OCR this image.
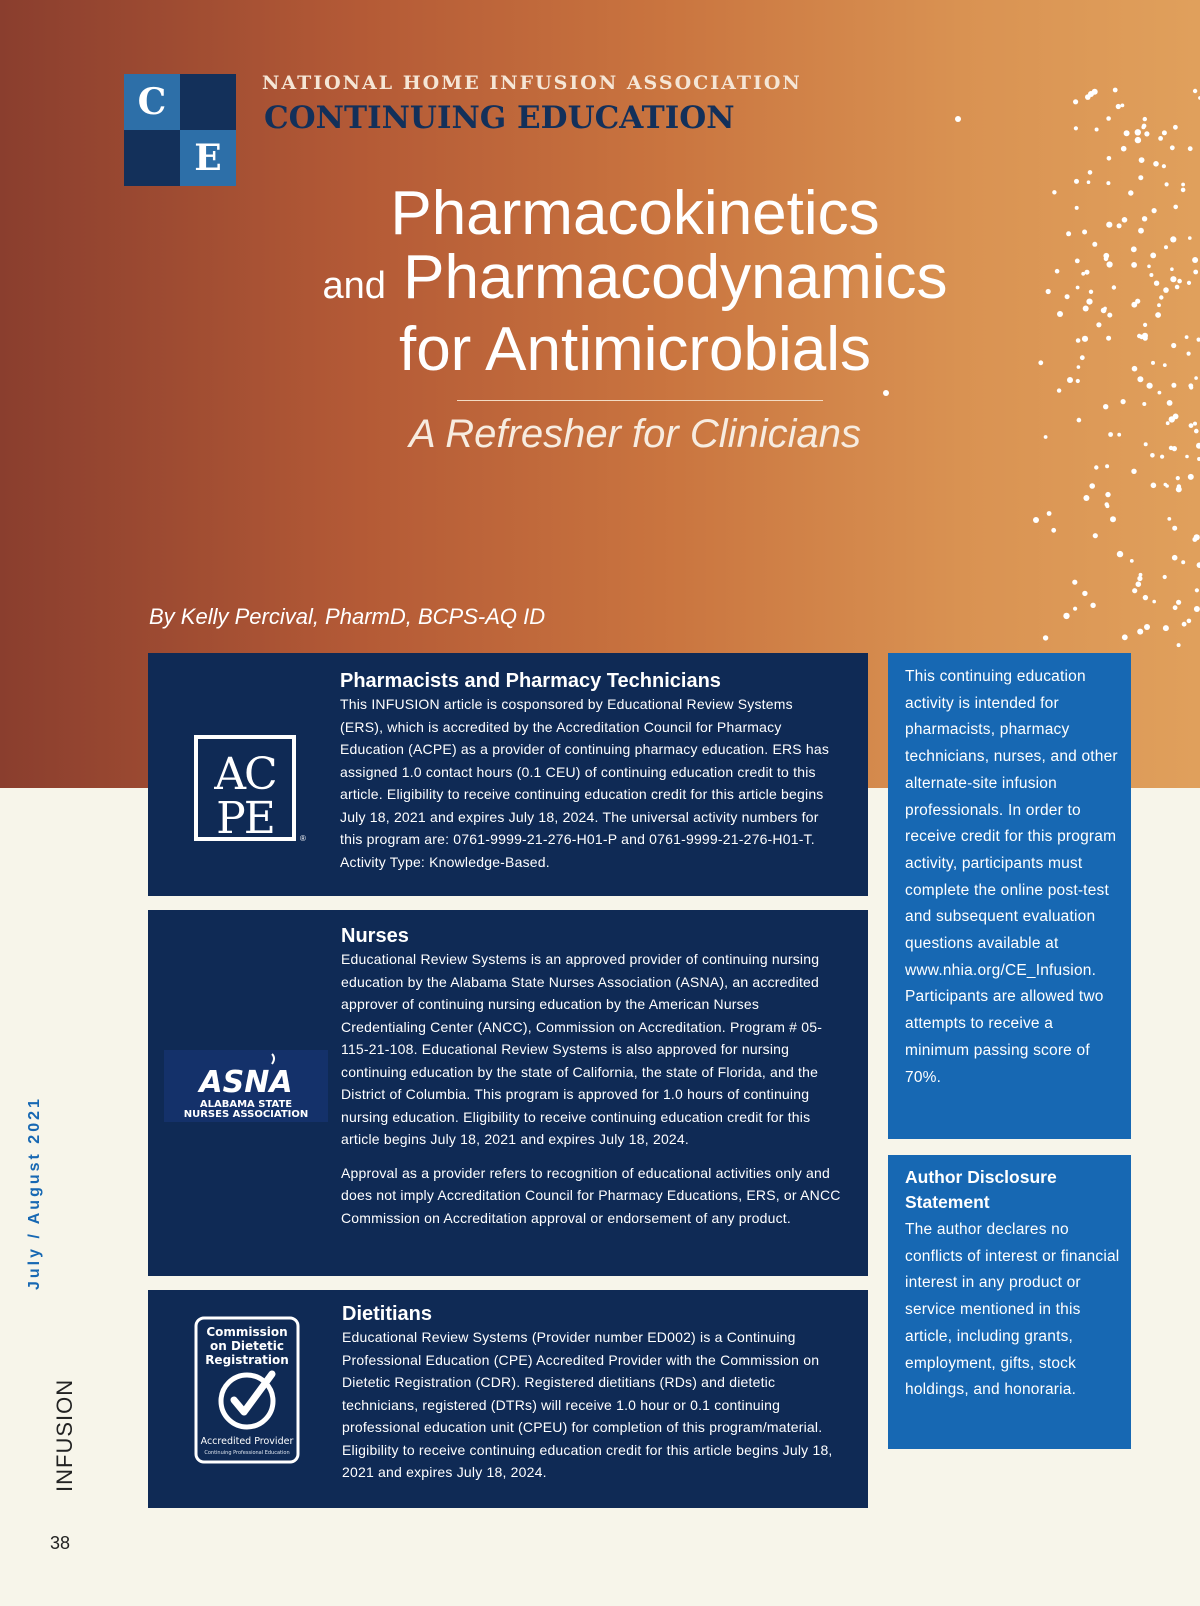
C
E
NATIONAL HOME INFUSION ASSOCIATION
CONTINUING EDUCATION
Pharmacokinetics
and Pharmacodynamics
for Antimicrobials
A Refresher for Clinicians
By Kelly Percival, PharmD, BCPS-AQ ID
AC
PE	®
Pharmacists and Pharmacy Technicians

This INFUSION article is cosponsored by Educational Review Systems (ERS), which is accredited by the Accreditation Council for Pharmacy Education (ACPE) as a provider of continuing pharmacy education. ERS has assigned 1.0 contact hours (0.1 CEU) of continuing education credit to this article. Eligibility to receive continuing education credit for this article begins July 18, 2021 and expires July 18, 2024. The universal activity numbers for this program are: 0761-9999-21-276-H01-P and 0761-9999-21-276-H01-T. Activity Type: Knowledge-Based.

ASNA
ALABAMA STATE
NURSES ASSOCIATION
Nurses

Educational Review Systems is an approved provider of continuing nursing education by the Alabama State Nurses Association (ASNA), an accredited approver of continuing nursing education by the American Nurses Credentialing Center (ANCC), Commission on Accreditation. Program # 05-115-21-108. Educational Review Systems is also approved for nursing continuing education by the state of California, the state of Florida, and the District of Columbia. This program is approved for 1.0 hours of continuing nursing education. Eligibility to receive continuing education credit for this article begins July 18, 2021 and expires July 18, 2024.

Approval as a provider refers to recognition of educational activities only and does not imply Accreditation Council for Pharmacy Educations, ERS, or ANCC Commission on Accreditation approval or endorsement of any product.

Commission
on Dietetic
Registration
Accredited Provider
Continuing Professional Education
Dietitians

Educational Review Systems (Provider number ED002) is a Continuing Professional Education (CPE) Accredited Provider with the Commission on Dietetic Registration (CDR). Registered dietitians (RDs) and dietetic technicians, registered (DTRs) will receive 1.0 hour or 0.1 continuing professional education unit (CPEU) for completion of this program/material. Eligibility to receive continuing education credit for this article begins July 18, 2021 and expires July 18, 2024.

This continuing education activity is intended for pharmacists, pharmacy technicians, nurses, and other alternate-site infusion professionals. In order to receive credit for this program activity, participants must complete the online post-test and subsequent evaluation questions available at www.nhia.org/CE_Infusion. Participants are allowed two attempts to receive a minimum passing score of 70%.

Author Disclosure Statement

The author declares no conflicts of interest or financial interest in any product or service mentioned in this article, including grants, employment, gifts, stock holdings, and honoraria.

July / August 2021
INFUSION
38
